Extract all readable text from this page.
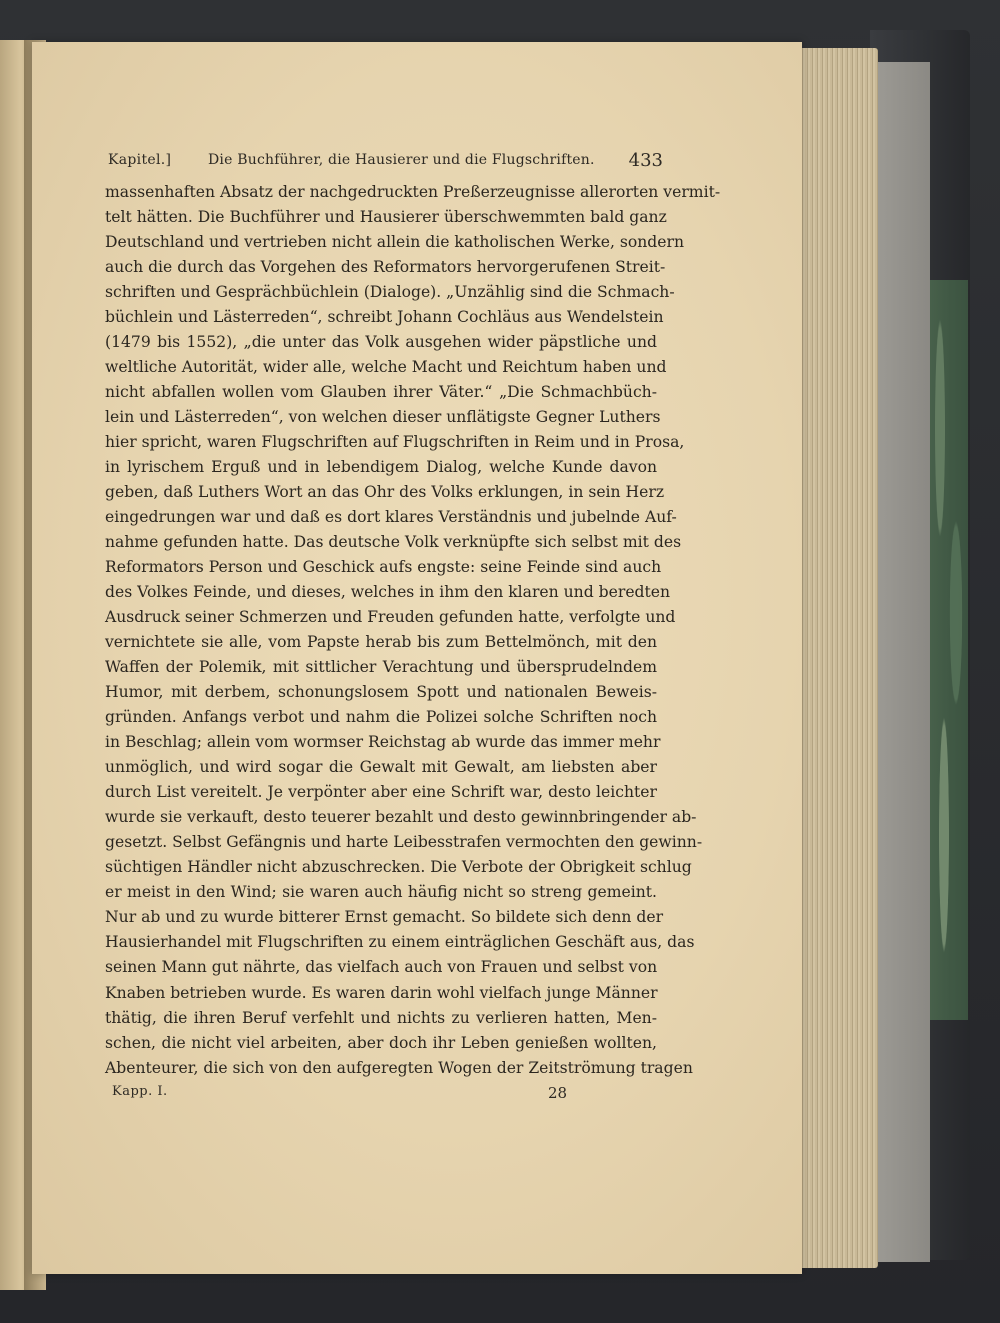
Kapitel.]	Die Buchführer, die Hausierer und die Flugschriften. 433
massenhaften Absatz der nachgedruckten Preßerzeugnisse allerorten vermit-
telt hätten. Die Buchführer und Hausierer überschwemmten bald ganz
Deutschland und vertrieben nicht allein die katholischen Werke, sondern
auch die durch das Vorgehen des Reformators hervorgerufenen Streit-
schriften und Gesprächbüchlein (Dialoge). „Unzählig sind die Schmach-
büchlein und Lästerreden“, schreibt Johann Cochläus aus Wendelstein
(1479 bis 1552), „die unter das Volk ausgehen wider päpstliche und
weltliche Autorität, wider alle, welche Macht und Reichtum haben und
nicht abfallen wollen vom Glauben ihrer Väter.“ „Die Schmachbüch-
lein und Lästerreden“, von welchen dieser unflätigste Gegner Luthers
hier spricht, waren Flugschriften auf Flugschriften in Reim und in Prosa,
in lyrischem Erguß und in lebendigem Dialog, welche Kunde davon
geben, daß Luthers Wort an das Ohr des Volks erklungen, in sein Herz
eingedrungen war und daß es dort klares Verständnis und jubelnde Auf-
nahme gefunden hatte. Das deutsche Volk verknüpfte sich selbst mit des
Reformators Person und Geschick aufs engste: seine Feinde sind auch
des Volkes Feinde, und dieses, welches in ihm den klaren und beredten
Ausdruck seiner Schmerzen und Freuden gefunden hatte, verfolgte und
vernichtete sie alle, vom Papste herab bis zum Bettelmönch, mit den
Waffen der Polemik, mit sittlicher Verachtung und übersprudelndem
Humor, mit derbem, schonungslosem Spott und nationalen Beweis-
gründen. Anfangs verbot und nahm die Polizei solche Schriften noch
in Beschlag; allein vom wormser Reichstag ab wurde das immer mehr
unmöglich, und wird sogar die Gewalt mit Gewalt, am liebsten aber
durch List vereitelt. Je verpönter aber eine Schrift war, desto leichter
wurde sie verkauft, desto teuerer bezahlt und desto gewinnbringender ab-
gesetzt. Selbst Gefängnis und harte Leibesstrafen vermochten den gewinn-
süchtigen Händler nicht abzuschrecken. Die Verbote der Obrigkeit schlug
er meist in den Wind; sie waren auch häufig nicht so streng gemeint.
Nur ab und zu wurde bitterer Ernst gemacht. So bildete sich denn der
Hausierhandel mit Flugschriften zu einem einträglichen Geschäft aus, das
seinen Mann gut nährte, das vielfach auch von Frauen und selbst von
Knaben betrieben wurde. Es waren darin wohl vielfach junge Männer
thätig, die ihren Beruf verfehlt und nichts zu verlieren hatten, Men-
schen, die nicht viel arbeiten, aber doch ihr Leben genießen wollten,
Abenteurer, die sich von den aufgeregten Wogen der Zeitströmung tragen
Kapp. I.	28
